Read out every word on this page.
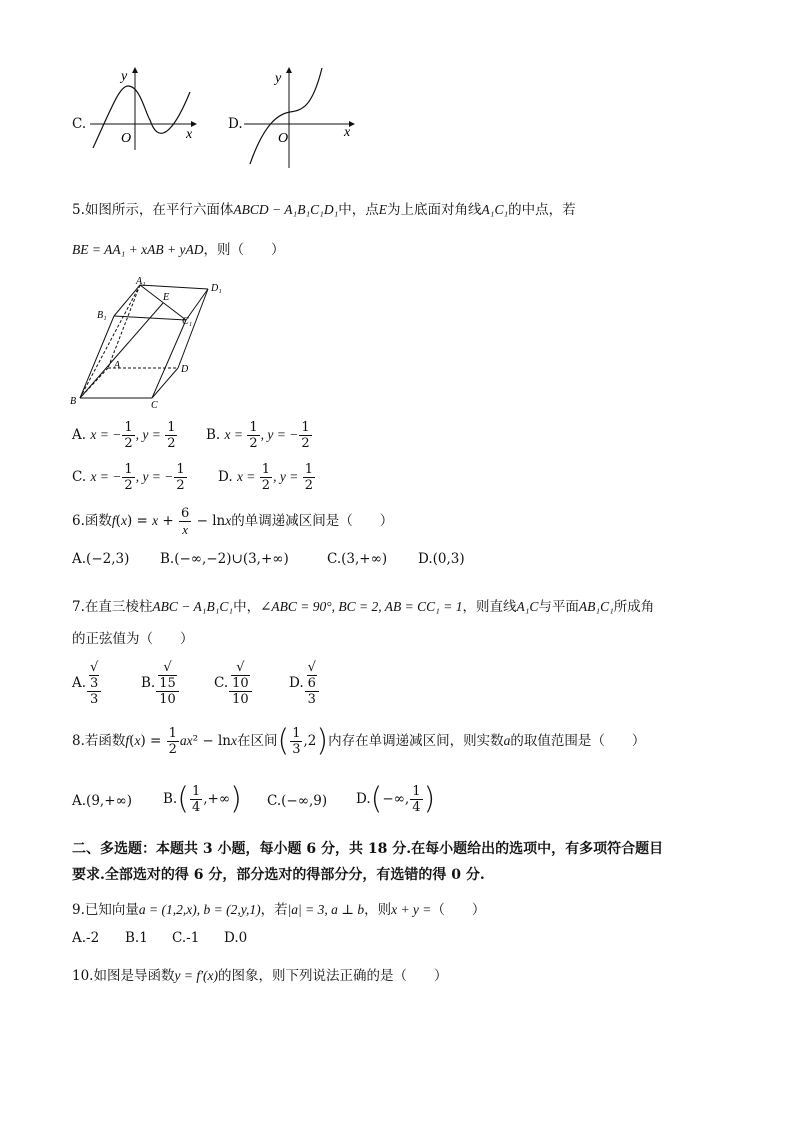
C.
y
x
O
D.
y
x
O
5.如图所示，在平行六面体ABCD − A₁B₁C₁D₁中，点E为上底面对角线A₁C₁的中点，若
BE = AA₁ + xAB + yAD，则（　　）
A₁
E
D₁
B₁
C₁
A	D
B	C
A. x = − $\frac{1}{2}$ , $y = \frac{1}{2} B$. $x = \frac{1}{2}$ , y = − $\frac{1}{2}$
C. x = − $\frac{1}{2}$ , y = − $\frac{1}{2} D$. $x = \frac{1}{2}$ , $y = \frac{1}{2}$
6.函数$f(x) = x + \frac{6}{x} - \ln x$的单调递减区间是（　　）
A.(−2,3) B.(−∞,−2)∪(3,+∞)	C.(3,+∞) D.(0,3)
7.在直三棱柱ABC − A₁B₁C₁中，∠ABC = 90°, BC = 2, AB = CC₁ = 1，则直线A₁C与平面AB₁C₁所成角
的正弦值为（　　）
A. √
3
3	B. √
15
10	C. √
10
10	D. √
6
3
8.若函数$f(x) = \frac{1}{2} ax^2 - \ln x$在区间( $\frac{1}{3} ,2$)内存在单调递减区间，则实数a的取值范围是（　　）
A.(9,+∞) $B.( \frac{1}{4}$ ,+∞) C.(−∞,9) D.(−∞, $\frac{1}{4}$ )
二、多选题：本题共 3 小题，每小题 6 分，共 18 分.在每小题给出的选项中，有多项符合题目
要求.全部选对的得 6 分，部分选对的得部分分，有选错的得 0 分.
9.已知向量a = (1,2,x), b = (2,y,1)，若|a| = 3, a ⊥ b，则x + y =（　　）
A.-2 B.1 C.-1 D.0
10.如图是导函数y = f′(x)的图象，则下列说法正确的是（　　）
